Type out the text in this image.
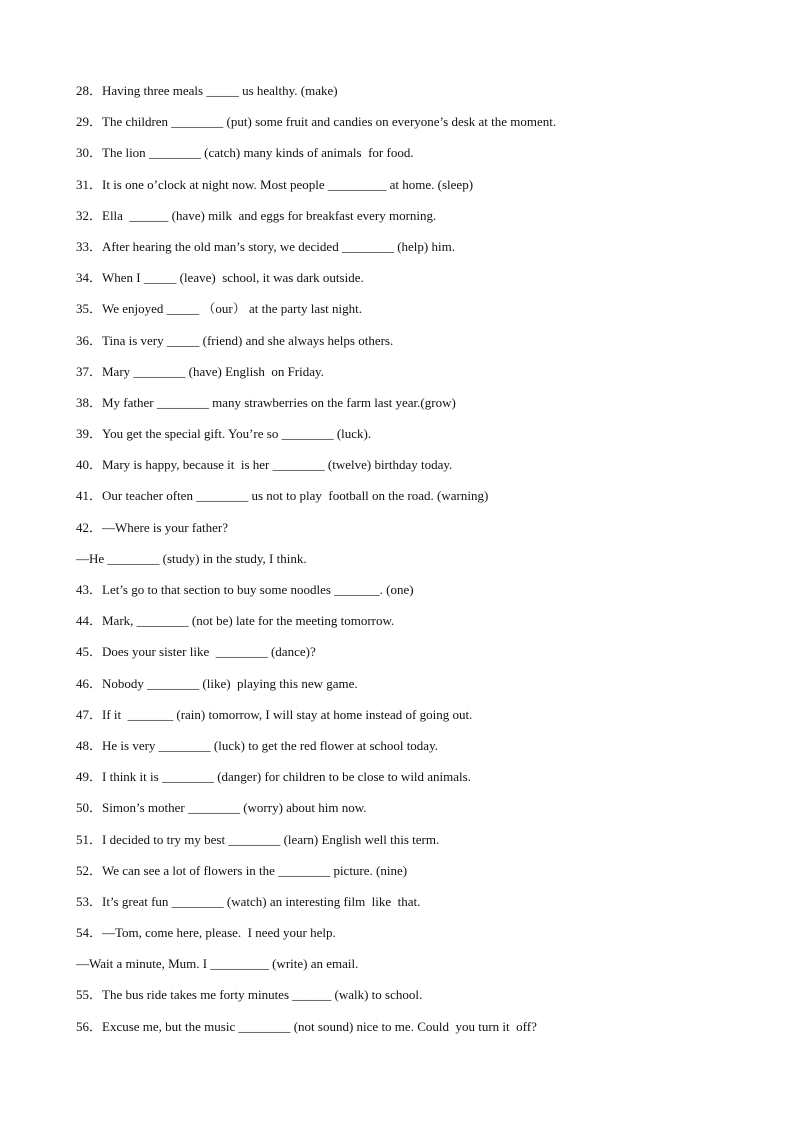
28．Having three meals _____ us healthy. (make)
29．The children ________ (put) some fruit and candies on everyone’s desk at the moment.
30．The lion ________ (catch) many kinds of animals  for food.
31．It is one o’clock at night now. Most people _________ at home. (sleep)
32．Ella  ______ (have) milk  and eggs for breakfast every morning.
33．After hearing the old man’s story, we decided ________ (help) him.
34．When I _____ (leave)  school, it was dark outside.
35．We enjoyed _____ （our） at the party last night.
36．Tina is very _____ (friend) and she always helps others.
37．Mary ________ (have) English  on Friday.
38．My father ________ many strawberries on the farm last year.(grow)
39．You get the special gift. You’re so ________ (luck).
40．Mary is happy, because it  is her ________ (twelve) birthday today.
41．Our teacher often ________ us not to play  football on the road. (warning)
42．—Where is your father?
—He ________ (study) in the study, I think.
43．Let’s go to that section to buy some noodles _______. (one)
44．Mark, ________ (not be) late for the meeting tomorrow.
45．Does your sister like  ________ (dance)?
46．Nobody ________ (like)  playing this new game.
47．If it  _______ (rain) tomorrow, I will stay at home instead of going out.
48．He is very ________ (luck) to get the red flower at school today.
49．I think it is ________ (danger) for children to be close to wild animals.
50．Simon’s mother ________ (worry) about him now.
51．I decided to try my best ________ (learn) English well this term.
52．We can see a lot of flowers in the ________ picture. (nine)
53．It’s great fun ________ (watch) an interesting film  like  that.
54．—Tom, come here, please.  I need your help.
—Wait a minute, Mum. I _________ (write) an email.
55．The bus ride takes me forty minutes ______ (walk) to school.
56．Excuse me, but the music ________ (not sound) nice to me. Could  you turn it  off?
